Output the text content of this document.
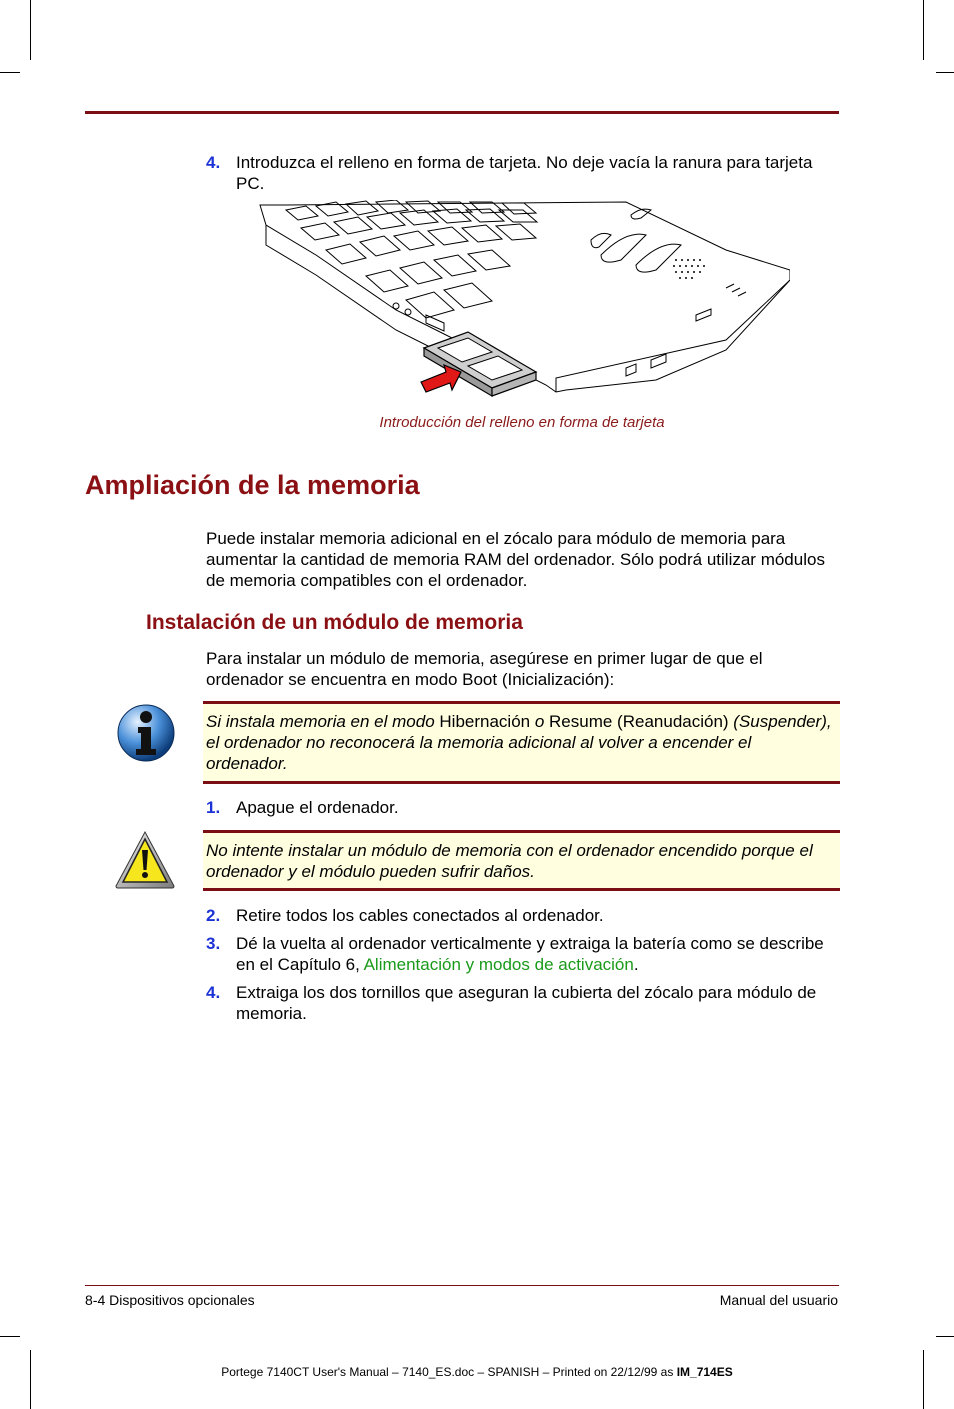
4. Introduzca el relleno en forma de tarjeta. No deje vacía la ranura para tarjeta PC.
Introducción del relleno en forma de tarjeta
Ampliación de la memoria
Puede instalar memoria adicional en el zócalo para módulo de memoria para aumentar la cantidad de memoria RAM del ordenador. Sólo podrá utilizar módulos de memoria compatibles con el ordenador.
Instalación de un módulo de memoria
Para instalar un módulo de memoria, asegúrese en primer lugar de que el ordenador se encuentra en modo Boot (Inicialización):
Si instala memoria en el modo Hibernación o Resume (Reanudación) (Suspender), el ordenador no reconocerá la memoria adicional al volver a encender el ordenador.
1. Apague el ordenador.
No intente instalar un módulo de memoria con el ordenador encendido porque el ordenador y el módulo pueden sufrir daños.
2. Retire todos los cables conectados al ordenador.
3. Dé la vuelta al ordenador verticalmente y extraiga la batería como se describe en el Capítulo 6, Alimentación y modos de activación.
4. Extraiga los dos tornillos que aseguran la cubierta del zócalo para módulo de memoria.
8-4 Dispositivos opcionales	Manual del usuario
Portege 7140CT User's Manual – 7140_ES.doc – SPANISH – Printed on 22/12/99 as IM_714ES
